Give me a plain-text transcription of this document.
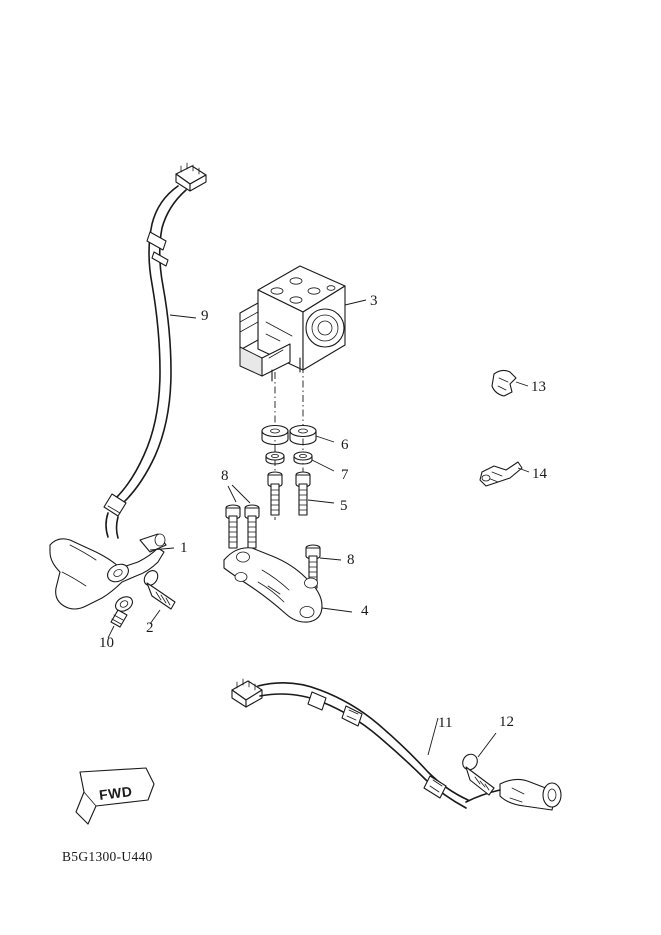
1
2
3
4
5
6
7
8
8
9
10
11	12
13
14
FWD
B5G1300-U440
